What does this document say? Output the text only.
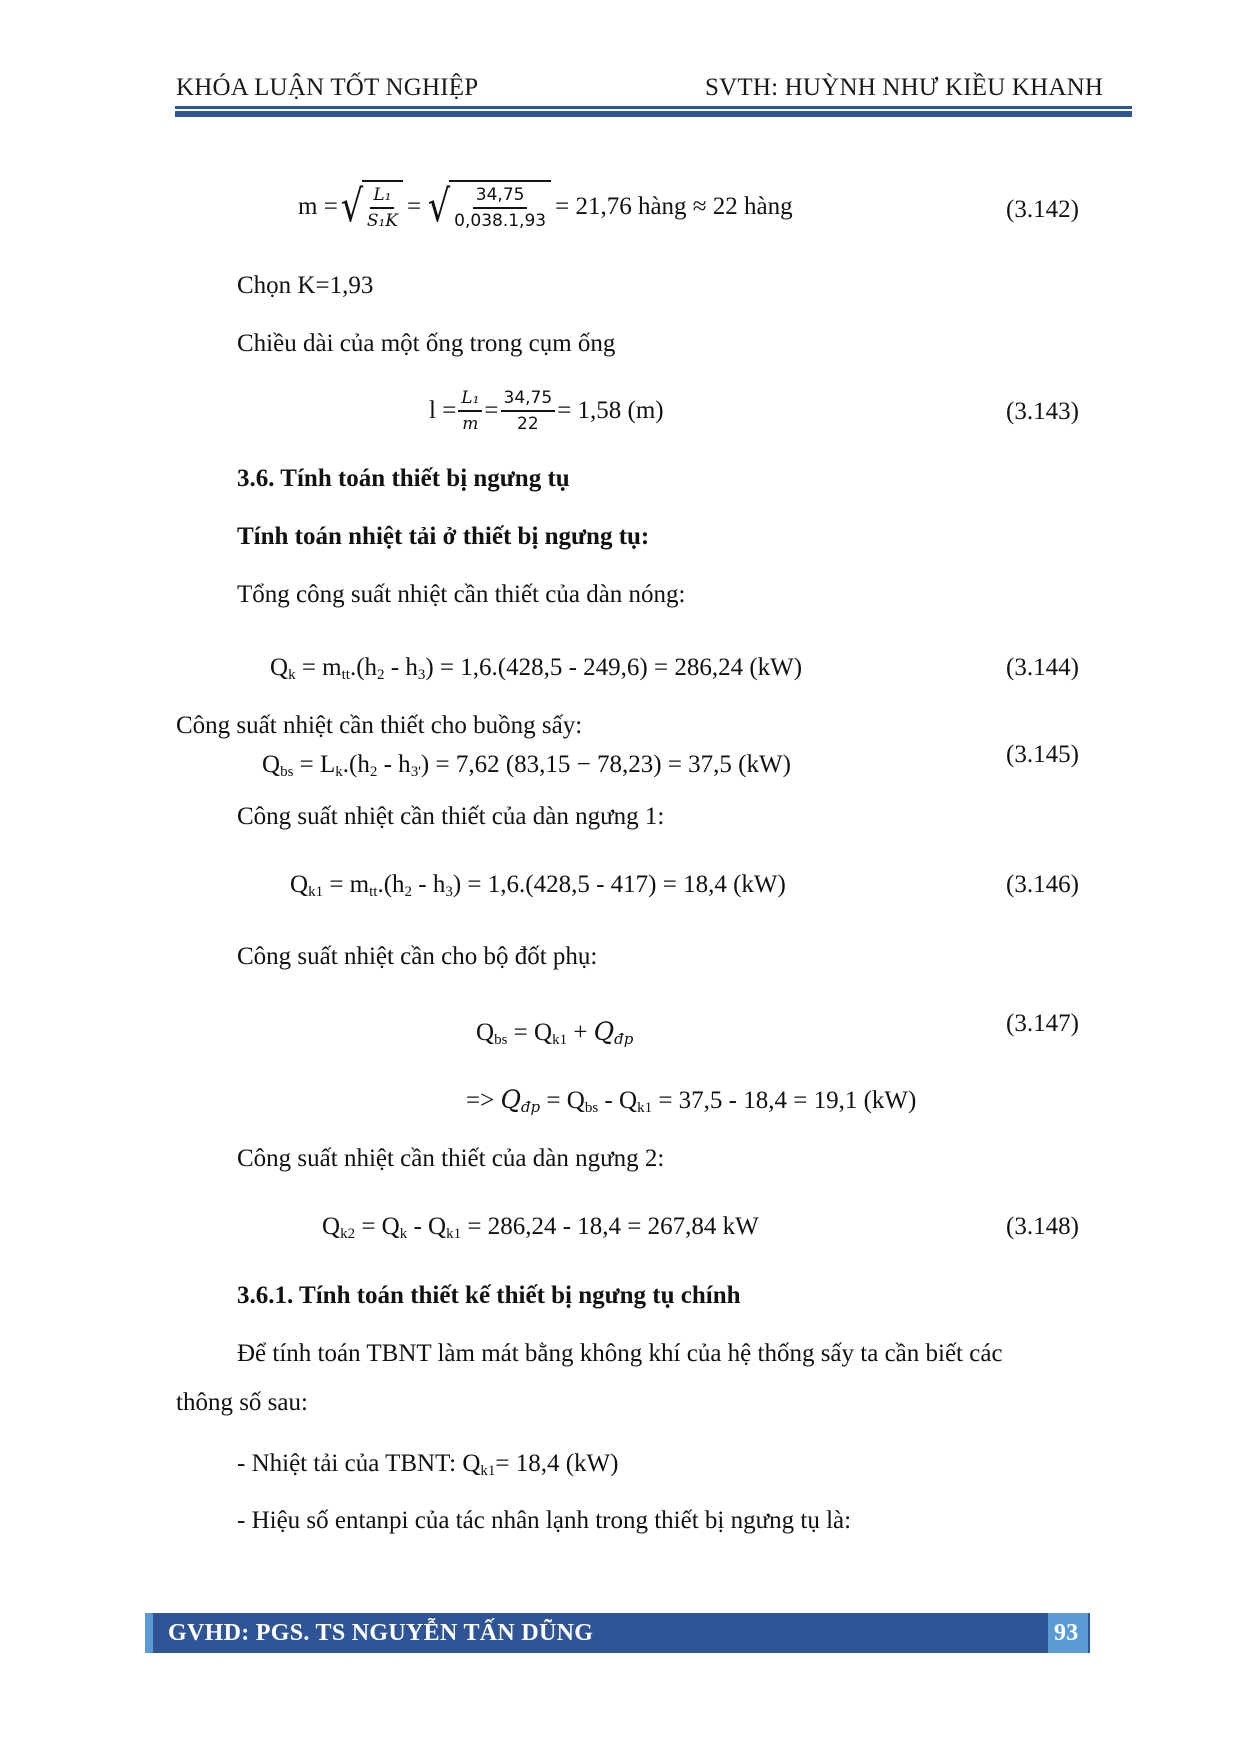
KHÓA LUẬN TỐT NGHIỆP	SVTH: HUỲNH NHƯ KIỀU KHANH
m = √ $\frac{\text{L₁}}{\text{S₁K}}$ = √ $\frac{34,75}{0,038.1,93} = 21,76$ hàng ≈ 22 hàng	(3.142)
Chọn K=1,93
Chiều dài của một ống trong cụm ống
$l = \frac{\text{L₁}}{m} = \frac{34,75}{22} = 1,58$ (m)	(3.143)
3.6. Tính toán thiết bị ngưng tụ
Tính toán nhiệt tải ở thiết bị ngưng tụ:
Tổng công suất nhiệt cần thiết của dàn nóng:
$Q_k = m_{tt}.(h_2 - h_3) = 1,6.(428,5 - 249,6) = 286,24$ (kW)	(3.144)
Công suất nhiệt cần thiết cho buồng sấy:
$Q_{bs} = L_k.(h_2 - h_{3'}) = 7,62$ (83,15 − 78,23) = 37,5 (kW)	(3.145)
Công suất nhiệt cần thiết của dàn ngưng 1:
$Q_{k1} = m_{tt}.(h_2 - h_3) = 1,6.(428,5 - 417) = 18,4$ (kW)	(3.146)
Công suất nhiệt cần cho bộ đốt phụ:
$Q_{bs} = Q_{k1} + Q_{đp}$
(3.147)
=> $Q_{đp} = Q_{bs} - Q_{k1} = 37,5 - 18,4 = 19,1$ (kW)
Công suất nhiệt cần thiết của dàn ngưng 2:
$Q_{k2} = Q_k - Q_{k1} = 286,24 - 18,4 = 267,84$ kW	(3.148)
3.6.1. Tính toán thiết kế thiết bị ngưng tụ chính
Để tính toán TBNT làm mát bằng không khí của hệ thống sấy ta cần biết các
thông số sau:
- Nhiệt tải của TBNT: $Q_{k1}= 18,4$ (kW)
- Hiệu số entanpi của tác nhân lạnh trong thiết bị ngưng tụ là:
GVHD: PGS. TS NGUYỄN TẤN DŨNG	93
